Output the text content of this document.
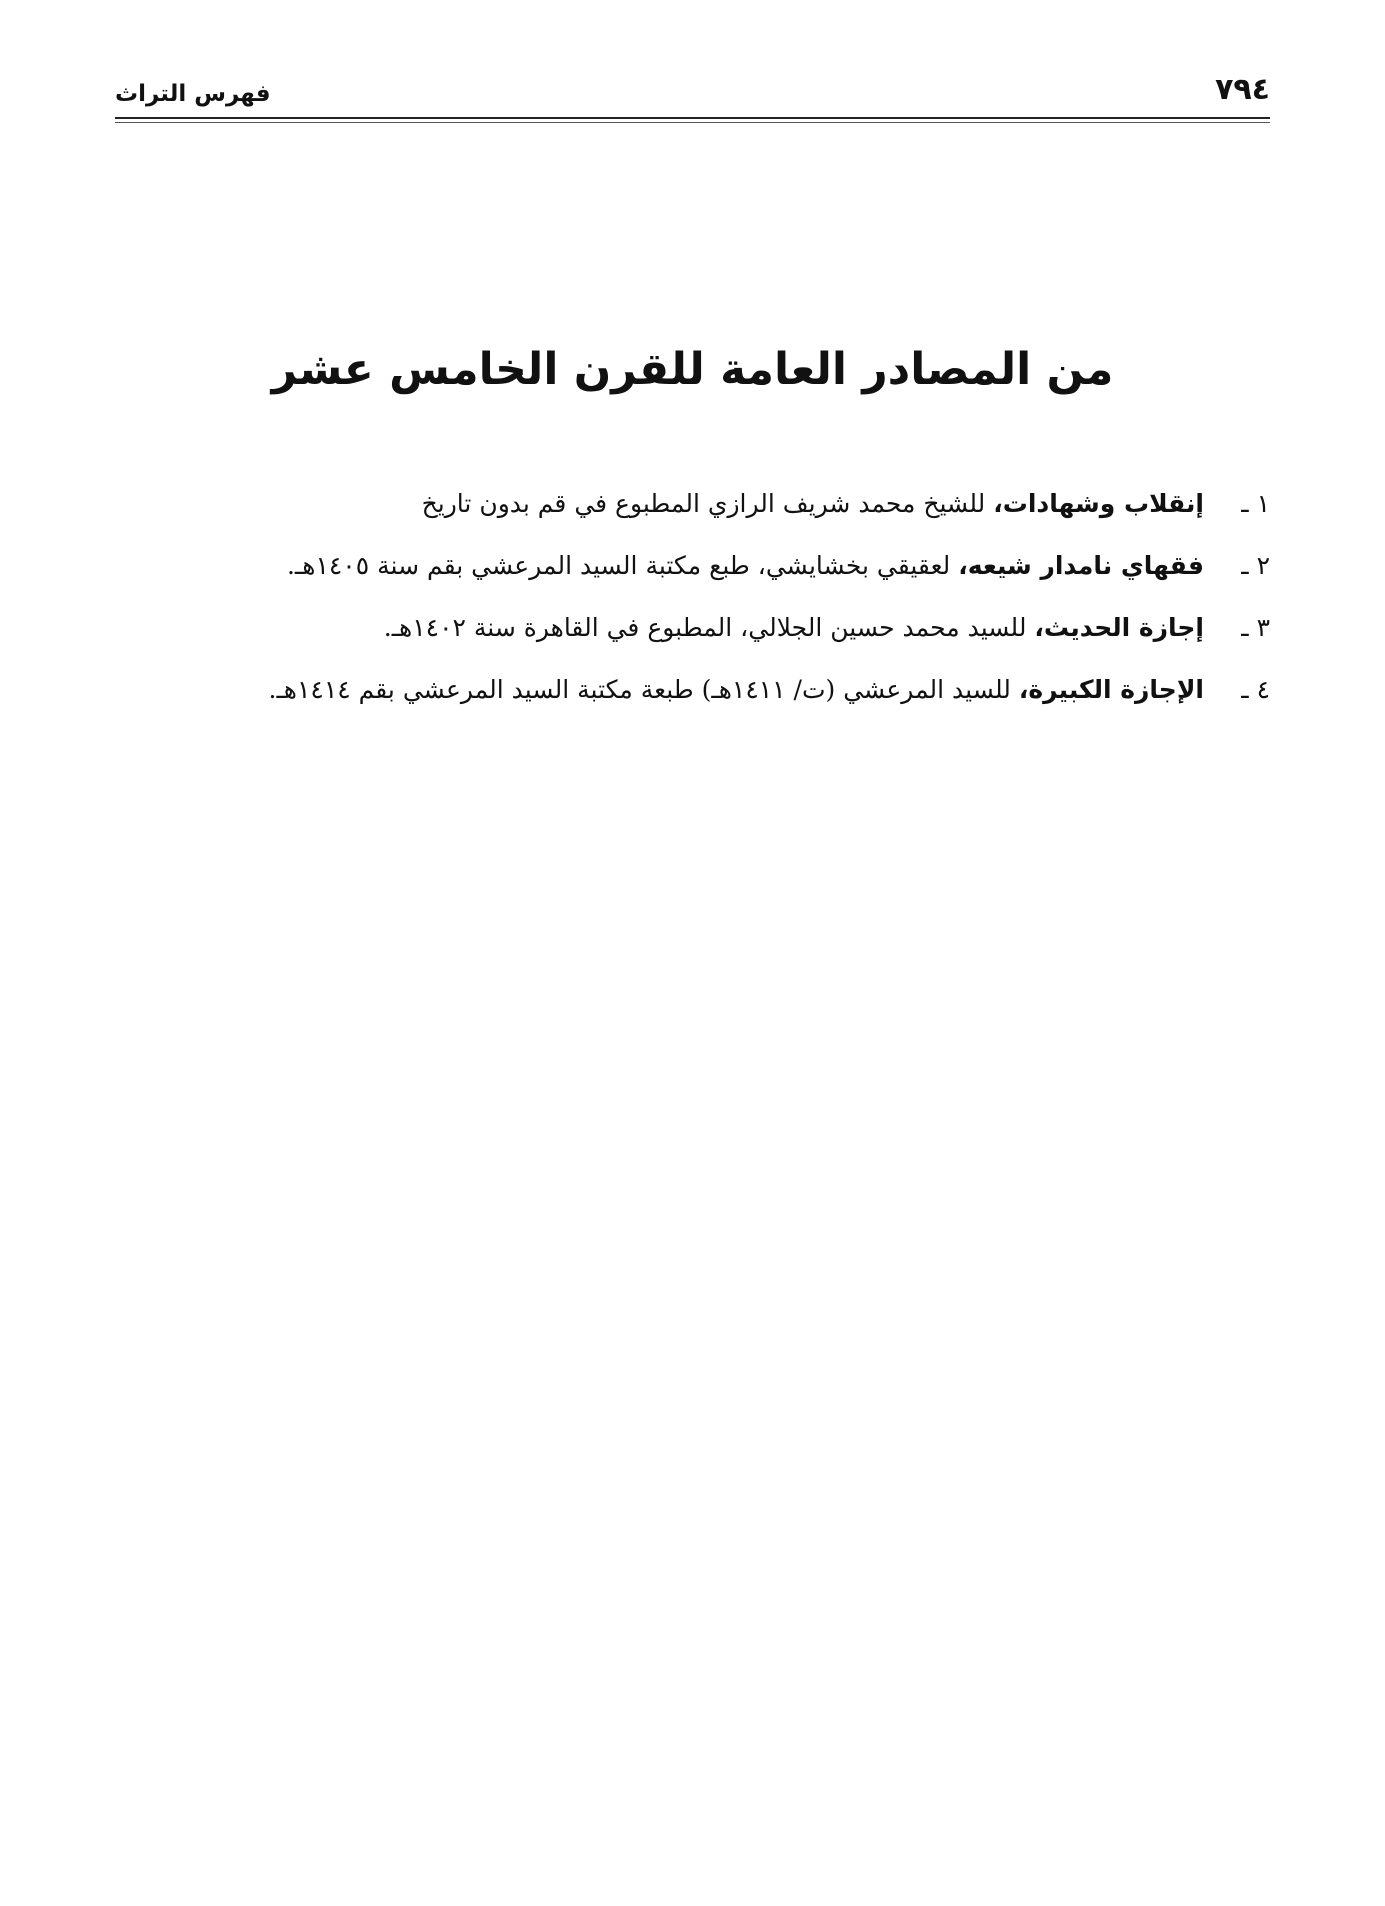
٧٩٤
فهرس التراث
من المصادر العامة للقرن الخامس عشر
١ ـإنقلاب وشهادات، للشيخ محمد شريف الرازي المطبوع في قم بدون تاريخ
٢ ـفقهاي نامدار شيعه، لعقيقي بخشايشي، طبع مكتبة السيد المرعشي بقم سنة ١٤٠٥هـ.
٣ ـإجازة الحديث، للسيد محمد حسين الجلالي، المطبوع في القاهرة سنة ١٤٠٢هـ.
٤ ـالإجازة الكبيرة، للسيد المرعشي (ت/ ١٤١١هـ) طبعة مكتبة السيد المرعشي بقم ١٤١٤هـ.
